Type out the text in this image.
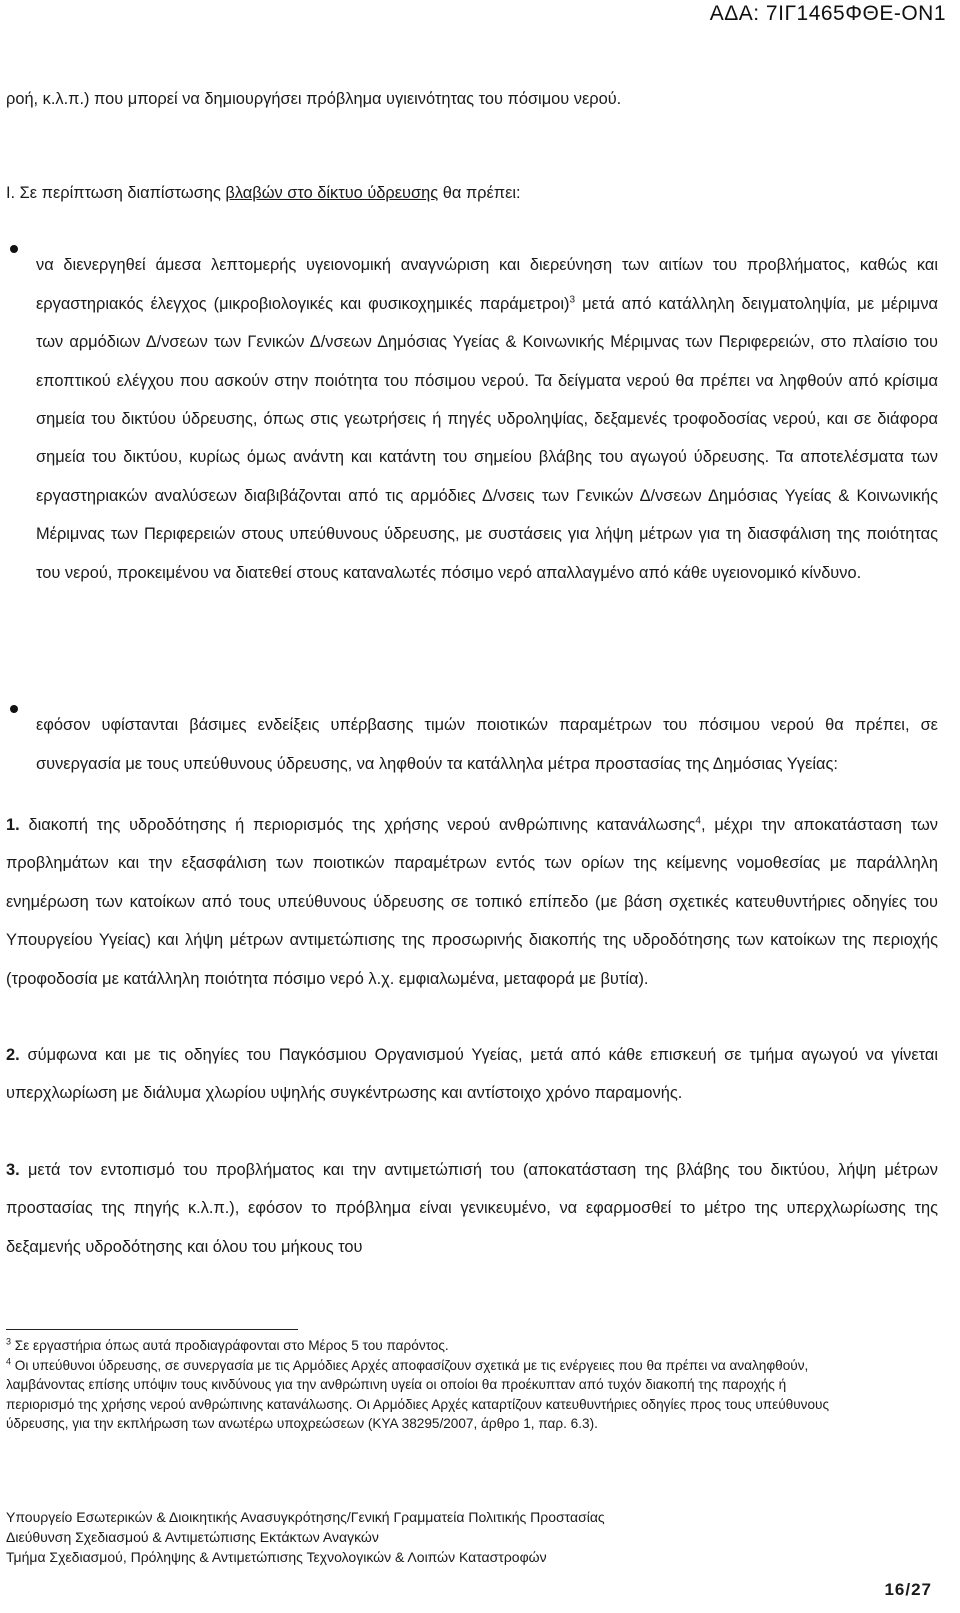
ΑΔΑ: 7ΙΓ1465ΦΘΕ-ΟΝ1
ροή, κ.λ.π.) που μπορεί να δημιουργήσει πρόβλημα υγιεινότητας του πόσιμου νερού.
I. Σε περίπτωση διαπίστωσης βλαβών στο δίκτυο ύδρευσης θα πρέπει:

να διενεργηθεί άμεσα λεπτομερής υγειονομική αναγνώριση και διερεύνηση των αιτίων του προβλήματος, καθώς και εργαστηριακός έλεγχος (μικροβιολογικές και φυσικοχημικές παράμετροι)$^3$ μετά από κατάλληλη δειγματοληψία, με μέριμνα των αρμόδιων Δ/νσεων των Γενικών Δ/νσεων Δημόσιας Υγείας & Κοινωνικής Μέριμνας των Περιφερειών, στο πλαίσιο του εποπτικού ελέγχου που ασκούν στην ποιότητα του πόσιμου νερού. Τα δείγματα νερού θα πρέπει να ληφθούν από κρίσιμα σημεία του δικτύου ύδρευσης, όπως στις γεωτρήσεις ή πηγές υδροληψίας, δεξαμενές τροφοδοσίας νερού, και σε διάφορα σημεία του δικτύου, κυρίως όμως ανάντη και κατάντη του σημείου βλάβης του αγωγού ύδρευσης. Τα αποτελέσματα των εργαστηριακών αναλύσεων διαβιβάζονται από τις αρμόδιες Δ/νσεις των Γενικών Δ/νσεων Δημόσιας Υγείας & Κοινωνικής Μέριμνας των Περιφερειών στους υπεύθυνους ύδρευσης, με συστάσεις για λήψη μέτρων για τη διασφάλιση της ποιότητας του νερού, προκειμένου να διατεθεί στους καταναλωτές πόσιμο νερό απαλλαγμένο από κάθε υγειονομικό κίνδυνο.

εφόσον υφίστανται βάσιμες ενδείξεις υπέρβασης τιμών ποιοτικών παραμέτρων του πόσιμου νερού θα πρέπει, σε συνεργασία με τους υπεύθυνους ύδρευσης, να ληφθούν τα κατάλληλα μέτρα προστασίας της Δημόσιας Υγείας:

1. διακοπή της υδροδότησης ή περιορισμός της χρήσης νερού ανθρώπινης κατανάλωσης$^4$, μέχρι την αποκατάσταση των προβλημάτων και την εξασφάλιση των ποιοτικών παραμέτρων εντός των ορίων της κείμενης νομοθεσίας με παράλληλη ενημέρωση των κατοίκων από τους υπεύθυνους ύδρευσης σε τοπικό επίπεδο (με βάση σχετικές κατευθυντήριες οδηγίες του Υπουργείου Υγείας) και λήψη μέτρων αντιμετώπισης της προσωρινής διακοπής της υδροδότησης των κατοίκων της περιοχής (τροφοδοσία με κατάλληλη ποιότητα πόσιμο νερό λ.χ. εμφιαλωμένα, μεταφορά με βυτία).

2. σύμφωνα και με τις οδηγίες του Παγκόσμιου Οργανισμού Υγείας, μετά από κάθε επισκευή σε τμήμα αγωγού να γίνεται υπερχλωρίωση με διάλυμα χλωρίου υψηλής συγκέντρωσης και αντίστοιχο χρόνο παραμονής.

3. μετά τον εντοπισμό του προβλήματος και την αντιμετώπισή του (αποκατάσταση της βλάβης του δικτύου, λήψη μέτρων προστασίας της πηγής κ.λ.π.), εφόσον το πρόβλημα είναι γενικευμένο, να εφαρμοσθεί το μέτρο της υπερχλωρίωσης της δεξαμενής υδροδότησης και όλου του μήκους του

$^3$ Σε εργαστήρια όπως αυτά προδιαγράφονται στο Μέρος 5 του παρόντος.

$^4$ Οι υπεύθυνοι ύδρευσης, σε συνεργασία με τις Αρμόδιες Αρχές αποφασίζουν σχετικά με τις ενέργειες που θα πρέπει να αναληφθούν, λαμβάνοντας επίσης υπόψιν τους κινδύνους για την ανθρώπινη υγεία οι οποίοι θα προέκυπταν από τυχόν διακοπή της παροχής ή περιορισμό της χρήσης νερού ανθρώπινης κατανάλωσης. Οι Αρμόδιες Αρχές καταρτίζουν κατευθυντήριες οδηγίες προς τους υπεύθυνους ύδρευσης, για την εκπλήρωση των ανωτέρω υποχρεώσεων (ΚΥΑ 38295/2007, άρθρο 1, παρ. 6.3).

Υπουργείο Εσωτερικών & Διοικητικής Ανασυγκρότησης/Γενική Γραμματεία Πολιτικής Προστασίας
Διεύθυνση Σχεδιασμού & Αντιμετώπισης Εκτάκτων Αναγκών
Τμήμα Σχεδιασμού, Πρόληψης & Αντιμετώπισης Τεχνολογικών & Λοιπών Καταστροφών
16/27
